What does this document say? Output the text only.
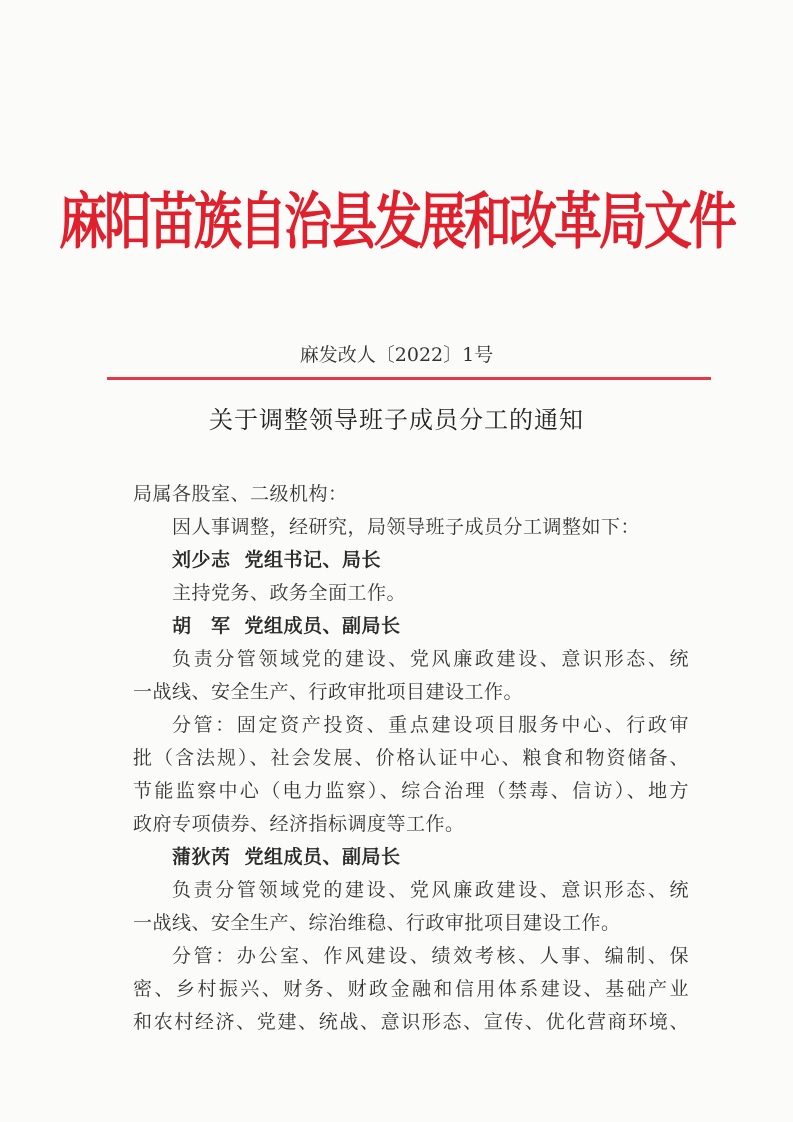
麻阳苗族自治县发展和改革局文件
麻发改人〔2022〕1号
关于调整领导班子成员分工的通知
局属各股室、二级机构：
因人事调整，经研究，局领导班子成员分工调整如下：
刘少志 党组书记、局长
主持党务、政务全面工作。
胡　军 党组成员、副局长
负责分管领域党的建设、党风廉政建设、意识形态、统
一战线、安全生产、行政审批项目建设工作。
分管：固定资产投资、重点建设项目服务中心、行政审
批（含法规）、社会发展、价格认证中心、粮食和物资储备、
节能监察中心（电力监察）、综合治理（禁毒、信访）、地方
政府专项债券、经济指标调度等工作。
蒲狄芮 党组成员、副局长
负责分管领域党的建设、党风廉政建设、意识形态、统
一战线、安全生产、综治维稳、行政审批项目建设工作。
分管：办公室、作风建设、绩效考核、人事、编制、保
密、乡村振兴、财务、财政金融和信用体系建设、基础产业
和农村经济、党建、统战、意识形态、宣传、优化营商环境、
